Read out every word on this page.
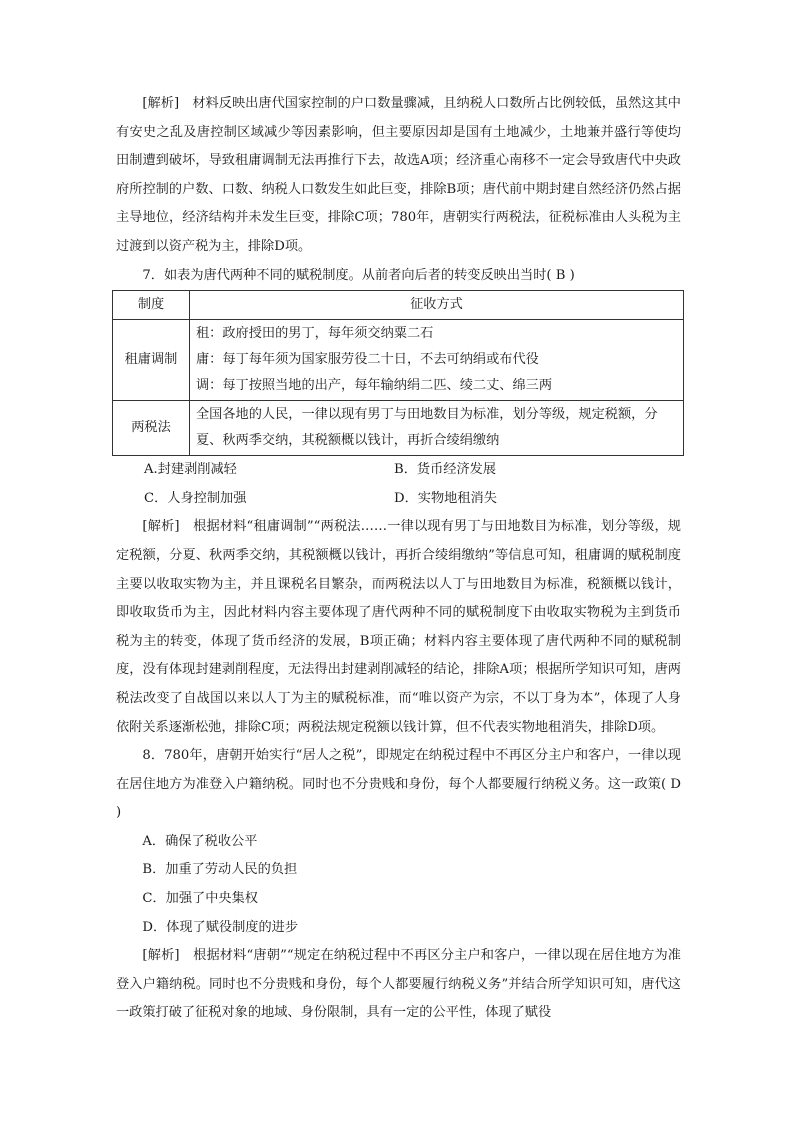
[解析]　材料反映出唐代国家控制的户口数量骤减，且纳税人口数所占比例较低，虽然这其中有安史之乱及唐控制区域减少等因素影响，但主要原因却是国有土地减少，土地兼并盛行等使均田制遭到破坏，导致租庸调制无法再推行下去，故选A项；经济重心南移不一定会导致唐代中央政府所控制的户数、口数、纳税人口数发生如此巨变，排除B项；唐代前中期封建自然经济仍然占据主导地位，经济结构并未发生巨变，排除C项；780年，唐朝实行两税法，征税标准由人头税为主过渡到以资产税为主，排除D项。

7．如表为唐代两种不同的赋税制度。从前者向后者的转变反映出当时( B )

制度	征收方式
租庸调制	租：政府授田的男丁，每年须交纳粟二石
庸：每丁每年须为国家服劳役二十日，不去可纳绢或布代役
调：每丁按照当地的出产，每年输纳绢二匹、绫二丈、绵三两

两税法	全国各地的人民，一律以现有男丁与田地数目为标准，划分等级，规定税额，分夏、秋两季交纳，其税额概以钱计，再折合绫绢缴纳
A.封建剥削减轻	B．货币经济发展
C．人身控制加强	D．实物地租消失

[解析]　根据材料“租庸调制”“两税法……一律以现有男丁与田地数目为标准，划分等级，规定税额，分夏、秋两季交纳，其税额概以钱计，再折合绫绢缴纳”等信息可知，租庸调的赋税制度主要以收取实物为主，并且课税名目繁杂，而两税法以人丁与田地数目为标准，税额概以钱计，即收取货币为主，因此材料内容主要体现了唐代两种不同的赋税制度下由收取实物税为主到货币税为主的转变，体现了货币经济的发展，B项正确；材料内容主要体现了唐代两种不同的赋税制度，没有体现封建剥削程度，无法得出封建剥削减轻的结论，排除A项；根据所学知识可知，唐两税法改变了自战国以来以人丁为主的赋税标准，而“唯以资产为宗，不以丁身为本”，体现了人身依附关系逐渐松弛，排除C项；两税法规定税额以钱计算，但不代表实物地租消失，排除D项。

8．780年，唐朝开始实行“居人之税”，即规定在纳税过程中不再区分主户和客户，一律以现在居住地方为准登入户籍纳税。同时也不分贵贱和身份，每个人都要履行纳税义务。这一政策( D )

A．确保了税收公平

B．加重了劳动人民的负担

C．加强了中央集权

D．体现了赋役制度的进步

[解析]　根据材料“唐朝”“规定在纳税过程中不再区分主户和客户，一律以现在居住地方为准登入户籍纳税。同时也不分贵贱和身份，每个人都要履行纳税义务”并结合所学知识可知，唐代这一政策打破了征税对象的地域、身份限制，具有一定的公平性，体现了赋役
